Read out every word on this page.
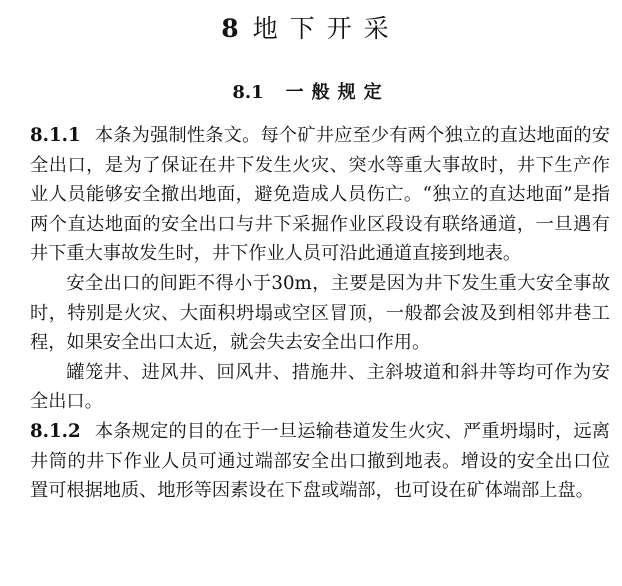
8 地下开采
8.1 一般规定

8.1.1 本条为强制性条文。每个矿井应至少有两个独立的直达地面的安全出口，是为了保证在井下发生火灾、突水等重大事故时，井下生产作业人员能够安全撤出地面，避免造成人员伤亡。“独立的直达地面”是指两个直达地面的安全出口与井下采掘作业区段设有联络通道，一旦遇有井下重大事故发生时，井下作业人员可沿此通道直接到地表。

安全出口的间距不得小于30m，主要是因为井下发生重大安全事故时，特别是火灾、大面积坍塌或空区冒顶，一般都会波及到相邻井巷工程，如果安全出口太近，就会失去安全出口作用。

罐笼井、进风井、回风井、措施井、主斜坡道和斜井等均可作为安全出口。

8.1.2 本条规定的目的在于一旦运输巷道发生火灾、严重坍塌时，远离井筒的井下作业人员可通过端部安全出口撤到地表。增设的安全出口位置可根据地质、地形等因素设在下盘或端部，也可设在矿体端部上盘。
